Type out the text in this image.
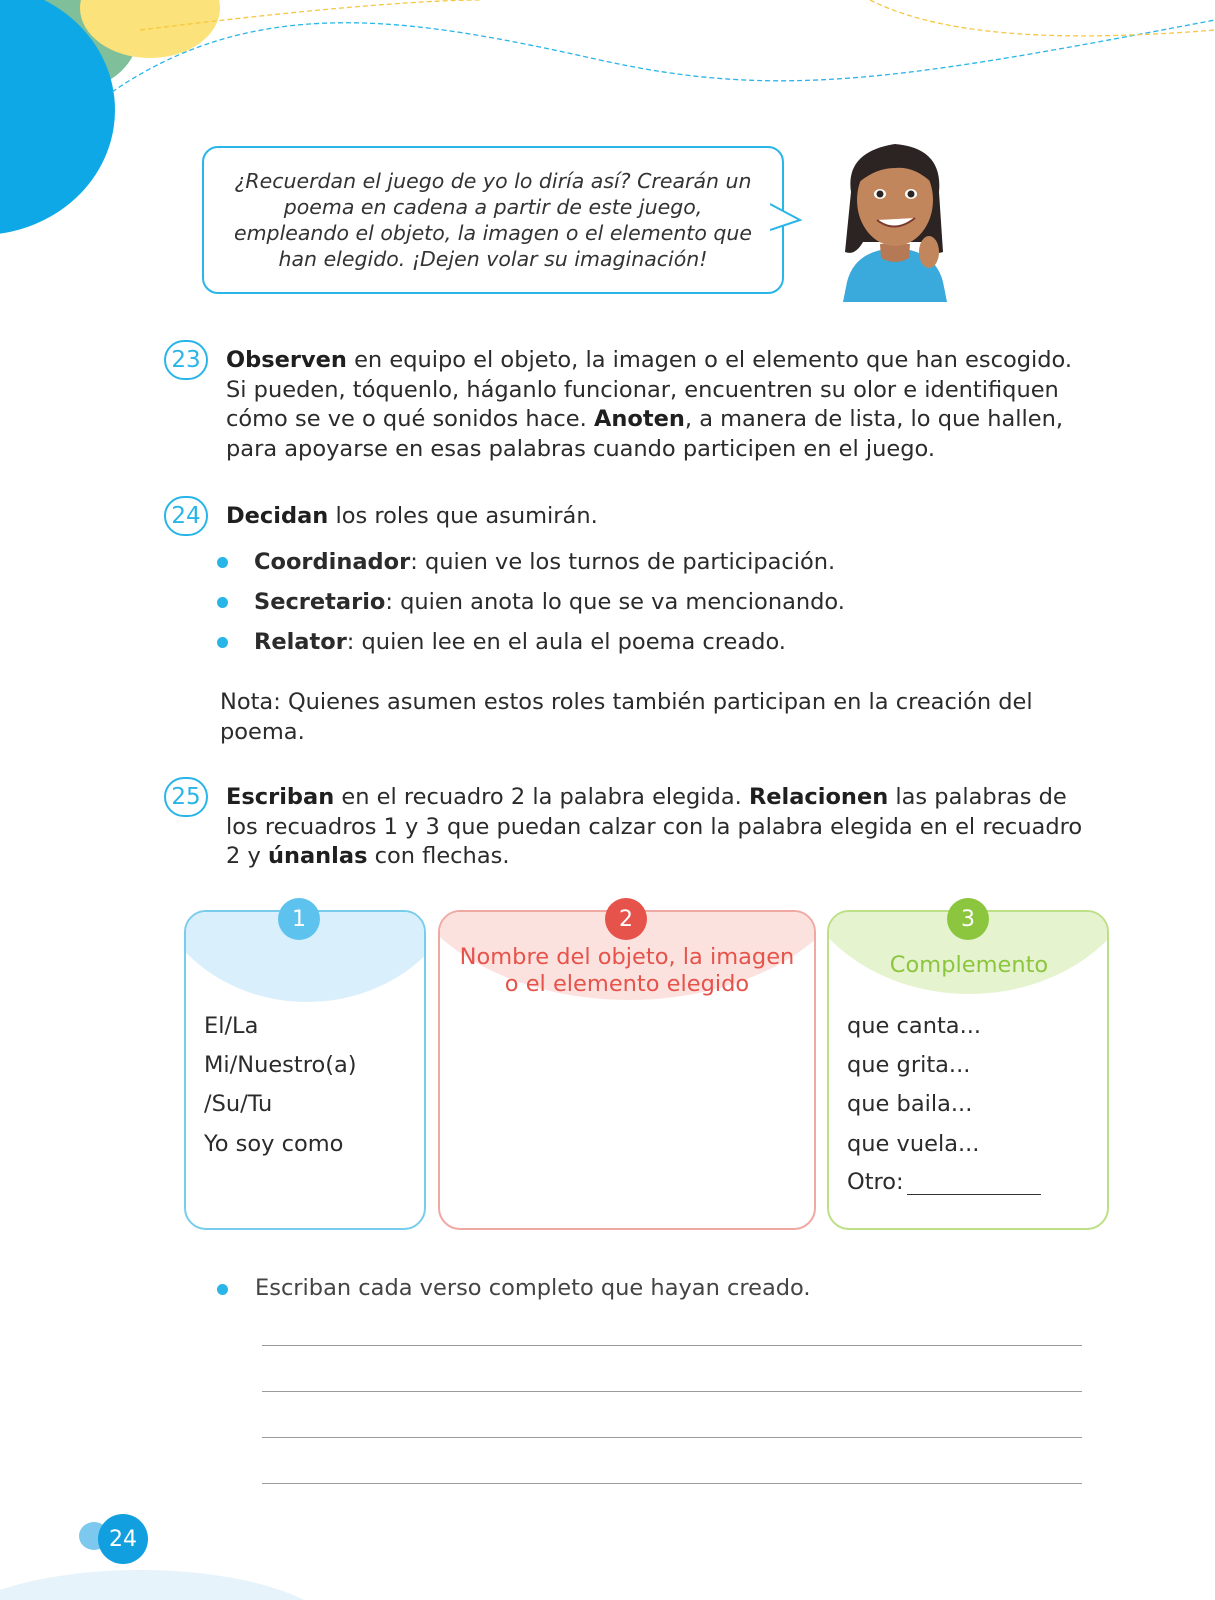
¿Recuerdan el juego de yo lo diría así? Crearán un poema en cadena a partir de este juego, empleando el objeto, la imagen o el elemento que han elegido. ¡Dejen volar su imaginación!
23 Observen en equipo el objeto, la imagen o el elemento que han escogido. Si pueden, tóquenlo, háganlo funcionar, encuentren su olor e identifiquen cómo se ve o qué sonidos hace. Anoten, a manera de lista, lo que hallen, para apoyarse en esas palabras cuando participen en el juego.
24 Decidan los roles que asumirán.
Coordinador: quien ve los turnos de participación.
Secretario: quien anota lo que se va mencionando.
Relator: quien lee en el aula el poema creado.
Nota: Quienes asumen estos roles también participan en la creación del poema.
25 Escriban en el recuadro 2 la palabra elegida. Relacionen las palabras de los recuadros 1 y 3 que puedan calzar con la palabra elegida en el recuadro 2 y únanlas con flechas.
El/La
Mi/Nuestro(a)
/Su/Tu
Yo soy como
1
Nombre del objeto, la imagen o el elemento elegido
2
Complemento
que canta...
que grita...
que baila...
que vuela...
Otro:
3
Escriban cada verso completo que hayan creado.
24
